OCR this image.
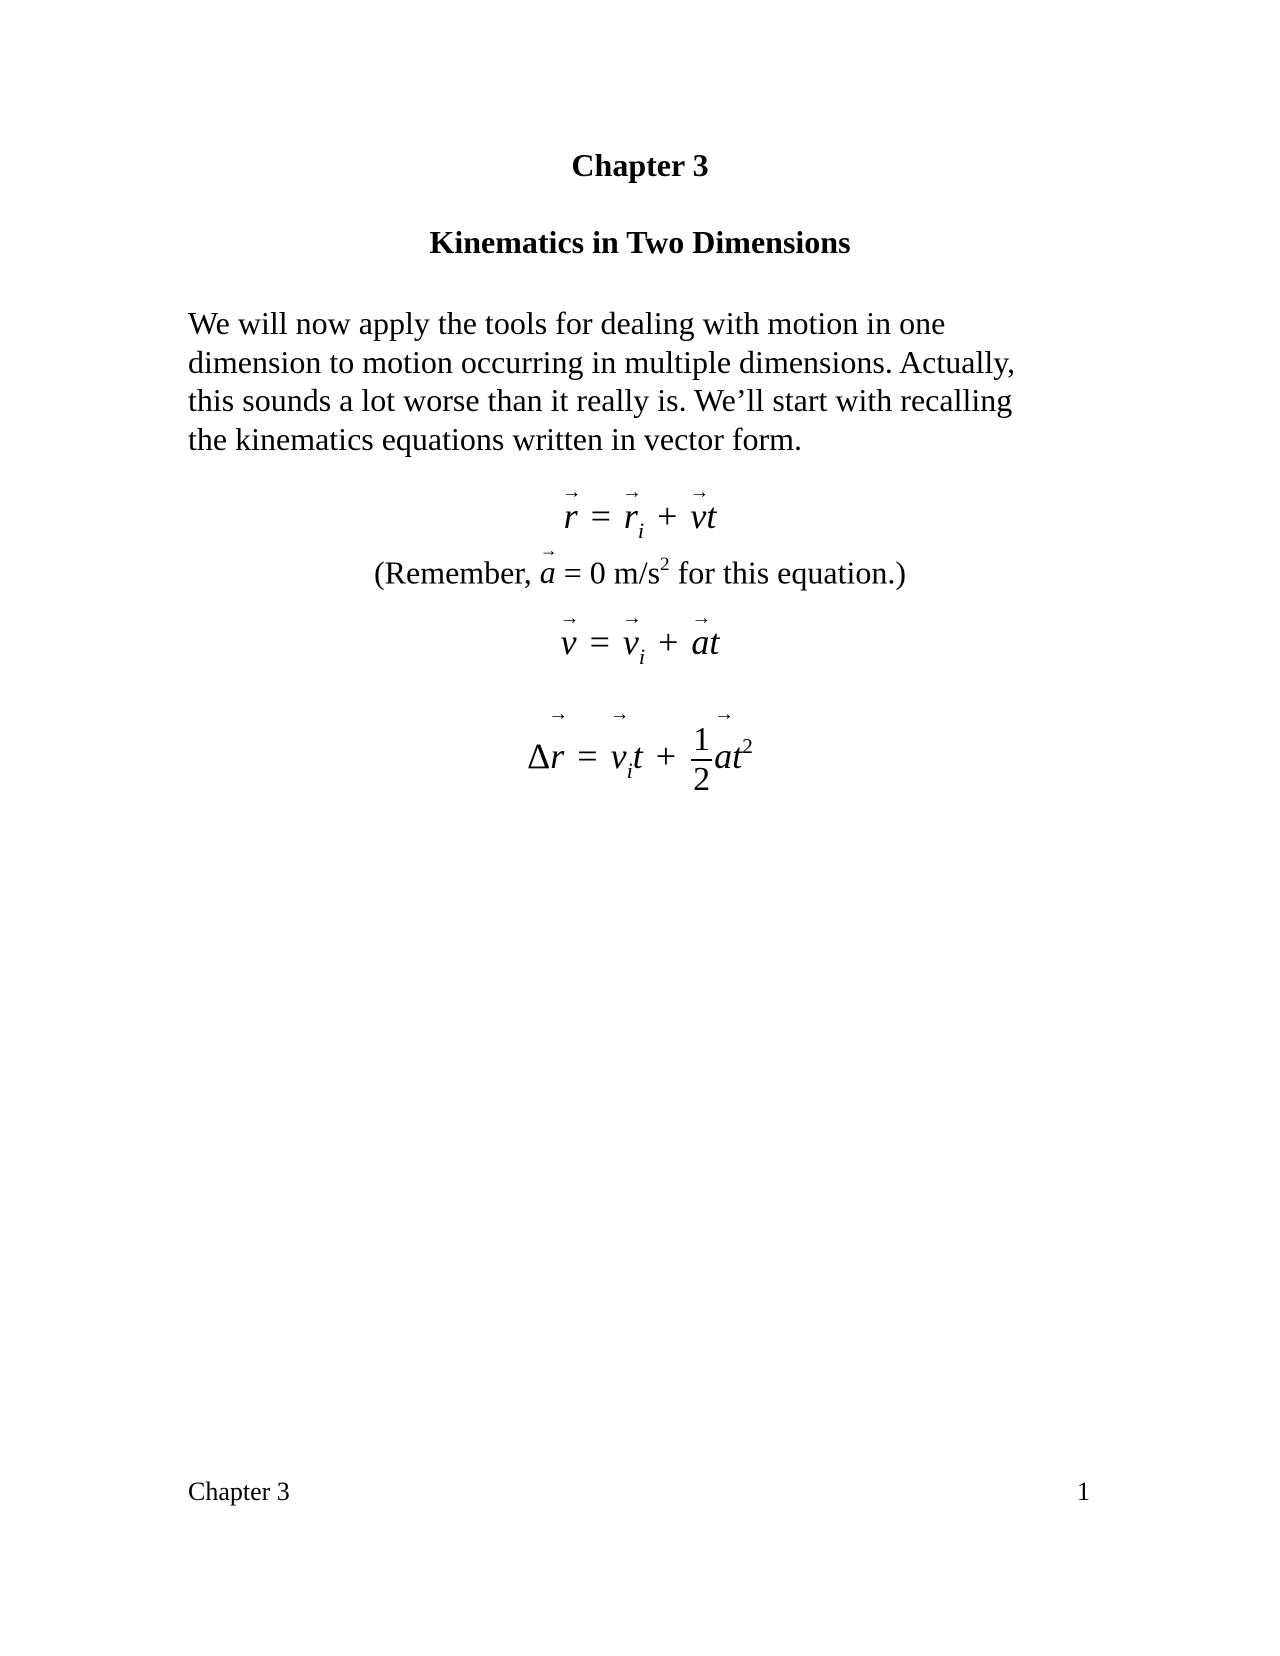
Chapter 3
Kinematics in Two Dimensions

We will now apply the tools for dealing with motion in one
dimension to motion occurring in multiple dimensions. Actually,
this sounds a lot worse than it really is. We’ll start with recalling
the kinematics equations written in vector form.

→ r = → $r_i$ + → vt
(Remember, → a = 0 $m/s^2$ for this equation.)
→ v = → $v_i$ + → at
Δ→ r = → $v_it + \frac{1}{2}$
→ $at^2$
Chapter 3	1
